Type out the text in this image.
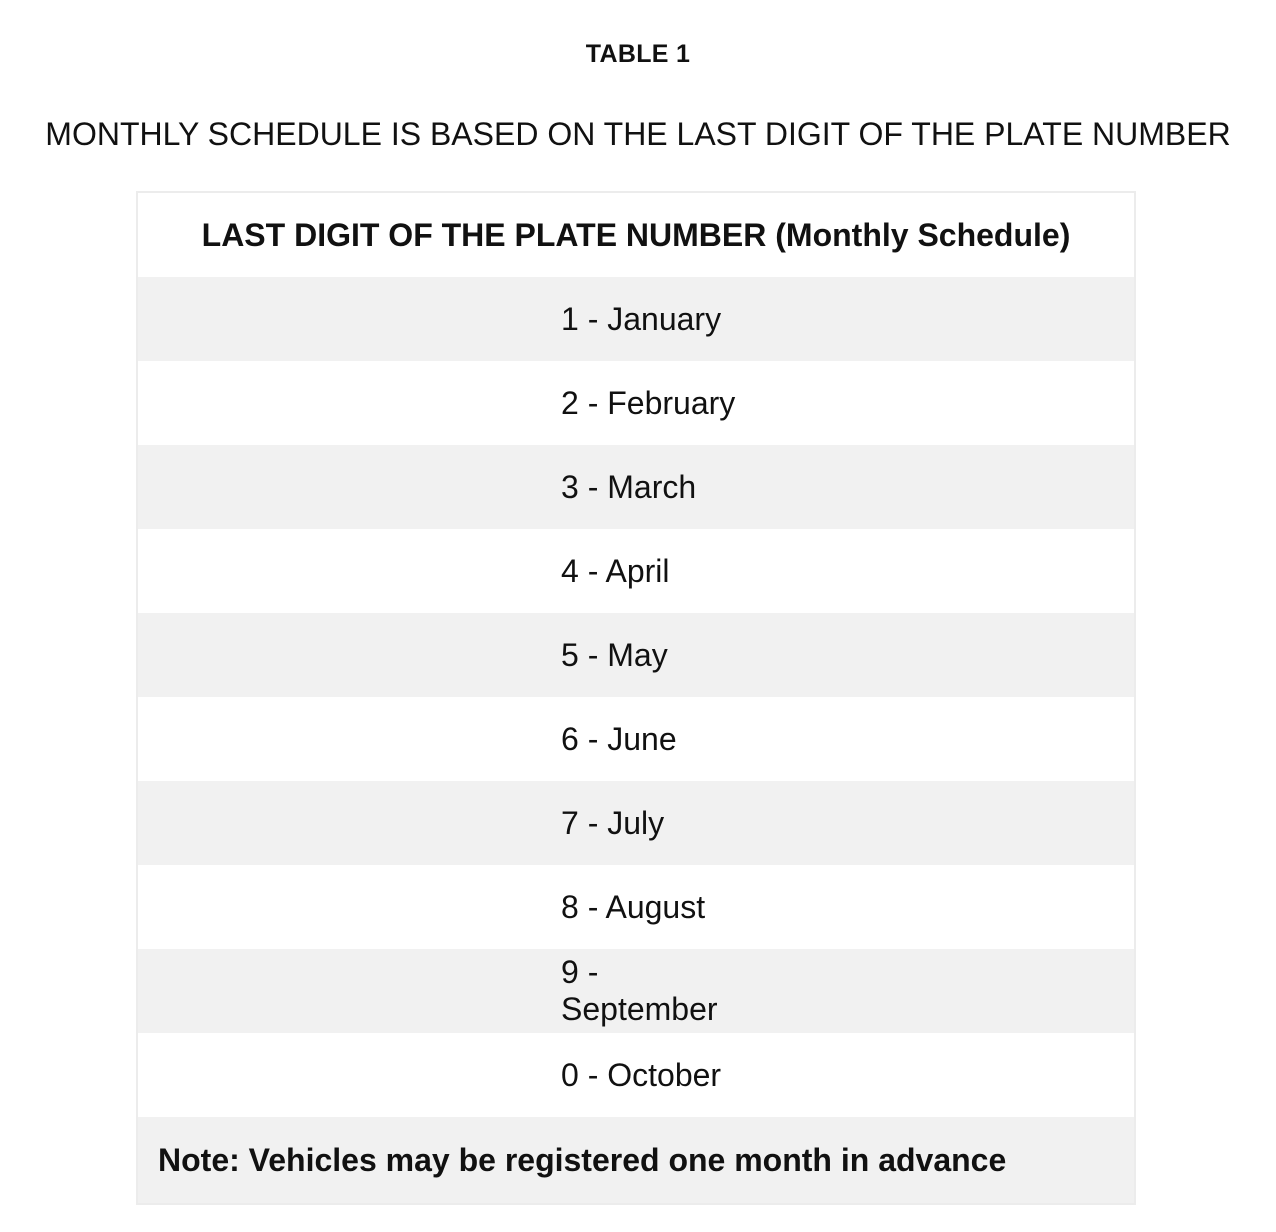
TABLE 1
MONTHLY SCHEDULE IS BASED ON THE LAST DIGIT OF THE PLATE NUMBER
LAST DIGIT OF THE PLATE NUMBER (Monthly Schedule)
1 - January
2 - February
3 - March
4 - April
5 - May
6 - June
7 - July
8 - August
9 - September
0 - October
Note: Vehicles may be registered one month in advance
